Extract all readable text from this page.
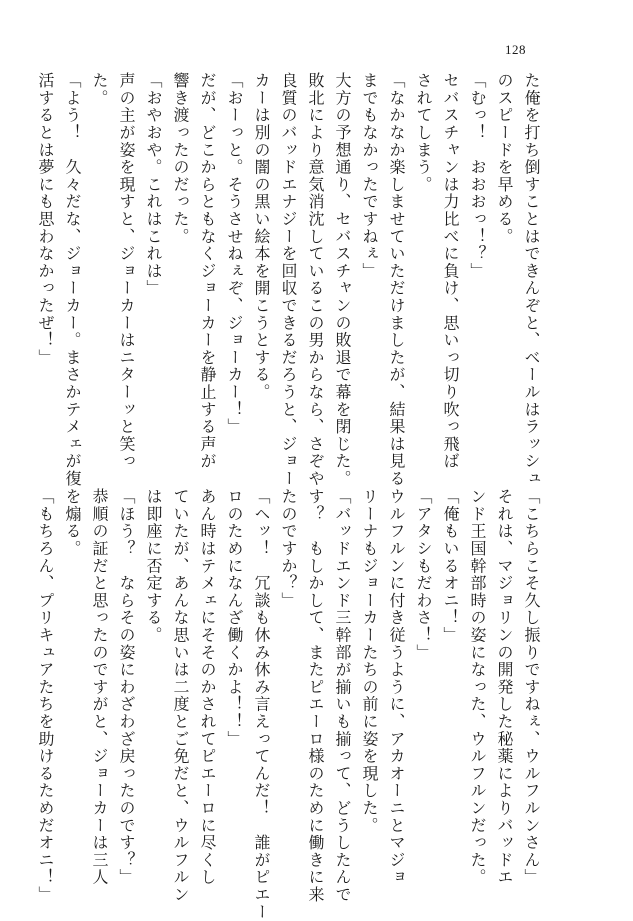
128
た俺を打ち倒すことはできんぞと、ベールはラッシュ
のスピードを早める。
「むっ！　おおおっ！？」
セバスチャンは力比べに負け、思いっ切り吹っ飛ば
されてしまう。
「なかなか楽しませていただけましたが、結果は見る
までもなかったですねぇ」
大方の予想通り、セバスチャンの敗退で幕を閉じた。
敗北により意気消沈しているこの男からなら、さぞや
良質のバッドエナジーを回収できるだろうと、ジョー
カーは別の闇の黒い絵本を開こうとする。
「おーっと。そうさせねぇぞ、ジョーカー！」
だが、どこからともなくジョーカーを静止する声が
響き渡ったのだった。
「おやおや。これはこれは」
声の主が姿を現すと、ジョーカーはニターッと笑っ
た。
「よう！　久々だな、ジョーカー。まさかテメェが復
活するとは夢にも思わなかったぜ！」
「こちらこそ久し振りですねぇ、ウルフルンさん」
それは、マジョリンの開発した秘薬によりバッドエ
ンド王国幹部時の姿になった、ウルフルンだった。
「俺もいるオニ！」
「アタシもだわさ！」
ウルフルンに付き従うように、アカオーニとマジョ
リーナもジョーカーたちの前に姿を現した。
「バッドエンド三幹部が揃いも揃って、どうしたんで
す？　もしかして、またピエーロ様のために働きに来
たのですか？」
「ヘッ！　冗談も休み休み言えってんだ！　誰がピエー
ロのためになんざ働くかよ！！」
あん時はテメェにそそのかされてピエーロに尽くし
ていたが、あんな思いは二度とご免だと、ウルフルン
は即座に否定する。
「ほう？　ならその姿にわざわざ戻ったのです？」
恭順の証だと思ったのですがと、ジョーカーは三人
を煽る。
「もちろん、プリキュアたちを助けるためだオニ！」
